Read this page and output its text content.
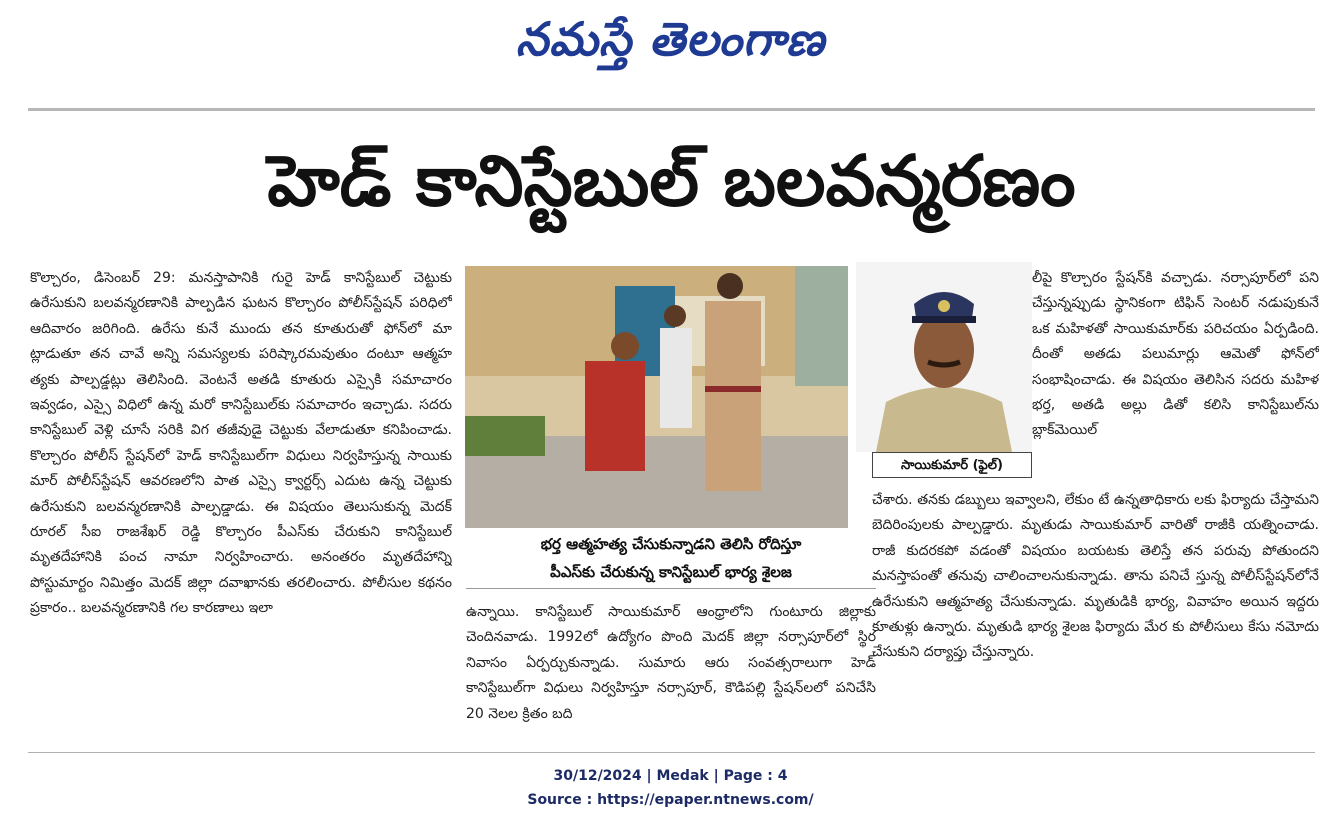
నమస్తే తెలంగాణ
హెడ్ కానిస్టేబుల్ బలవన్మరణం
కొల్చారం, డిసెంబర్ 29: మనస్తాపానికి గురై హెడ్ కానిస్టేబుల్ చెట్టుకు ఉరేసుకుని బలవన్మరణానికి పాల్పడిన ఘటన కొల్చారం పోలీస్‌స్టేషన్ పరిధిలో ఆదివారం జరిగింది. ఉరేసు కునే ముందు తన కూతురుతో ఫోన్‌లో మా ట్లాడుతూ తన చావే అన్ని సమస్యలకు పరిష్కారమవుతుం దంటూ ఆత్మహ త్యకు పాల్పడ్డట్లు తెలిసింది. వెంటనే అతడి కూతురు ఎస్సైకి సమాచారం ఇవ్వడం, ఎస్సై విధిలో ఉన్న మరో కానిస్టేబుల్‌కు సమాచారం ఇచ్చాడు. సదరు కానిస్టేబుల్ వెళ్లి చూసే సరికి విగ తజీవుడై చెట్టుకు వేలాడుతూ కనిపించాడు. కొల్చారం పోలీస్ స్టేషన్‌లో హెడ్ కానిస్టేబుల్‌గా విధులు నిర్వహిస్తున్న సాయికు మార్ పోలీస్‌స్టేషన్ ఆవరణలోని పాత ఎస్సై క్వార్టర్స్ ఎదుట ఉన్న చెట్టుకు ఉరేసుకుని బలవన్మరణానికి పాల్పడ్డాడు. ఈ విషయం తెలుసుకున్న మెదక్ రూరల్ సీఐ రాజశేఖర్ రెడ్డి కొల్చారం పీఎస్‌కు చేరుకుని కానిస్టేబుల్ మృతదేహానికి పంచ నామా నిర్వహించారు. అనంతరం మృతదేహాన్ని పోస్టుమార్టం నిమిత్తం మెదక్ జిల్లా దవాఖానకు తరలించారు. పోలీసుల కథనం ప్రకారం.. బలవన్మరణానికి గల కారణాలు ఇలా
భర్త ఆత్మహత్య చేసుకున్నాడని తెలిసి రోదిస్తూ
పీఎస్‌కు చేరుకున్న కానిస్టేబుల్ భార్య శైలజ
ఉన్నాయి. కానిస్టేబుల్ సాయికుమార్ ఆంధ్రాలోని గుంటూరు జిల్లాకు చెందినవాడు. 1992లో ఉద్యోగం పొంది మెదక్ జిల్లా నర్సాపూర్‌లో స్థిర నివాసం ఏర్పర్చుకున్నాడు. సుమారు ఆరు సంవత్సరాలుగా హెడ్ కానిస్టేబుల్‌గా విధులు నిర్వహిస్తూ నర్సాపూర్, కౌడిపల్లి స్టేషన్‌లలో పనిచేసి 20 నెలల క్రితం బది
సాయికుమార్ (ఫైల్)
లీపై కొల్చారం స్టేషన్‌కి వచ్చాడు. నర్సాపూర్‌లో పని చేస్తున్నప్పుడు స్థానికంగా టిఫిన్ సెంటర్ నడుపుకునే ఒక మహిళతో సాయికుమార్‌కు పరిచయం ఏర్పడింది. దీంతో అతడు పలుమార్లు ఆమెతో ఫోన్‌లో సంభాషించాడు. ఈ విషయం తెలిసిన సదరు మహిళ భర్త, అతడి అల్లు డితో కలిసి కానిస్టేబుల్‌ను బ్లాక్‌మెయిల్
చేశారు. తనకు డబ్బులు ఇవ్వాలని, లేకుం టే ఉన్నతాధికారు లకు ఫిర్యాదు చేస్తామని బెదిరింపులకు పాల్పడ్డారు. మృతుడు సాయికుమార్ వారితో రాజీకి యత్నించాడు. రాజీ కుదరకపో వడంతో విషయం బయటకు తెలిస్తే తన పరువు పోతుందని మనస్తాపంతో తనువు చాలించాలనుకున్నాడు. తాను పనిచే స్తున్న పోలీస్‌స్టేషన్‌లోనే ఉరేసుకుని ఆత్మహత్య చేసుకున్నాడు. మృతుడికి భార్య, వివాహం అయిన ఇద్దరు కూతుళ్లు ఉన్నారు. మృతుడి భార్య శైలజ ఫిర్యాదు మేర కు పోలీసులు కేసు నమోదు చేసుకుని దర్యాప్తు చేస్తున్నారు.
30/12/2024 | Medak | Page : 4
Source : https://epaper.ntnews.com/
